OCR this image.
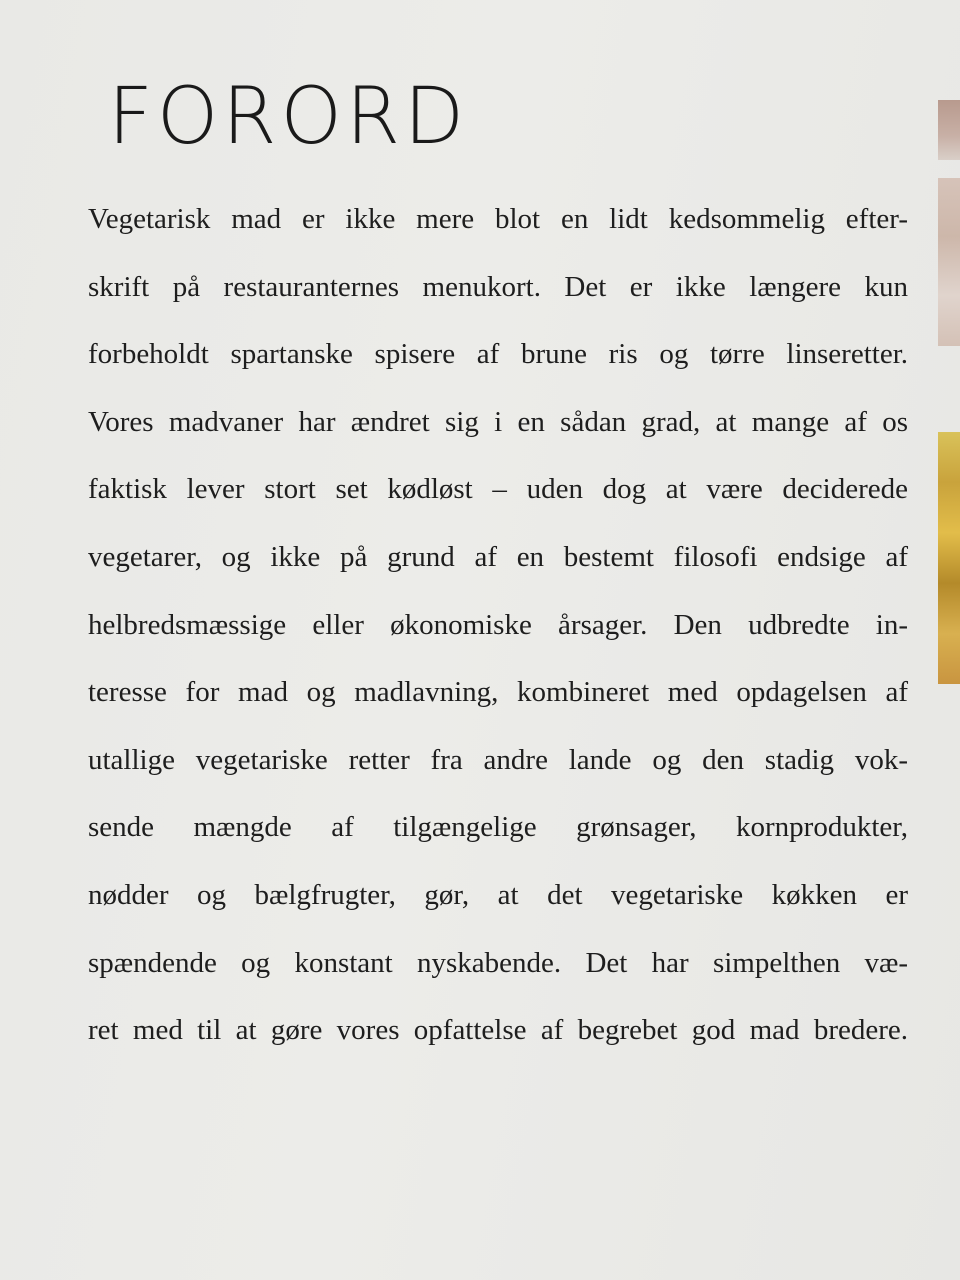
FORORD
Vegetarisk mad er ikke mere blot en lidt kedsommelig efter-
skrift på restauranternes menukort. Det er ikke længere kun
forbeholdt spartanske spisere af brune ris og tørre linseretter.
Vores madvaner har ændret sig i en sådan grad, at mange af os
faktisk lever stort set kødløst – uden dog at være deciderede
vegetarer, og ikke på grund af en bestemt filosofi endsige af
helbredsmæssige eller økonomiske årsager. Den udbredte in-
teresse for mad og madlavning, kombineret med opdagelsen af
utallige vegetariske retter fra andre lande og den stadig vok-
sende mængde af tilgængelige grønsager, kornprodukter,
nødder og bælgfrugter, gør, at det vegetariske køkken er
spændende og konstant nyskabende. Det har simpelthen væ-
ret med til at gøre vores opfattelse af begrebet god mad bredere.
